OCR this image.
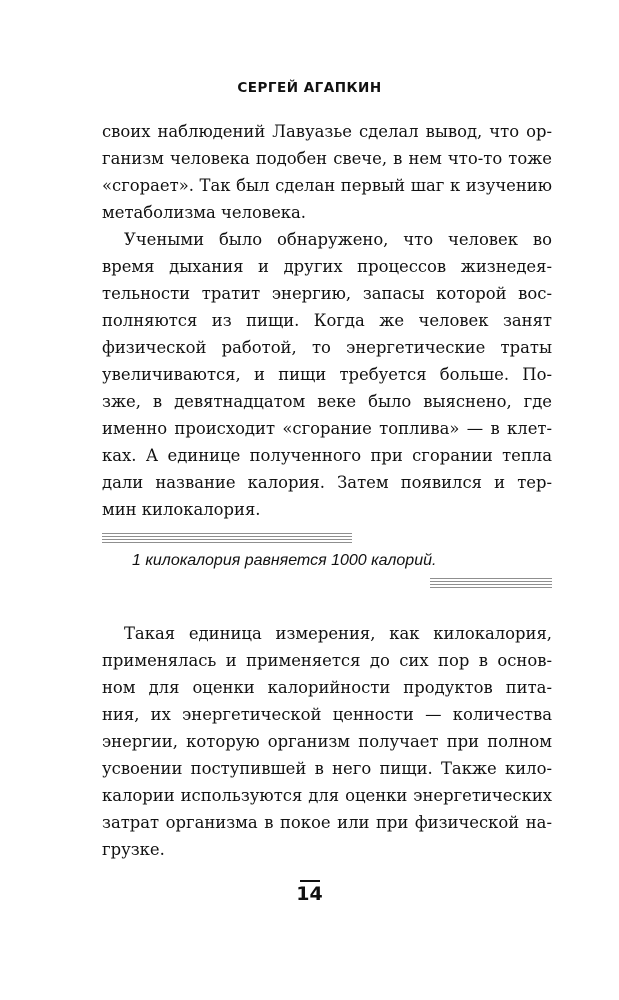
СЕРГЕЙ АГАПКИН
своих наблюдений Лавуазье сделал вывод, что ор-
ганизм человека подобен свече, в нем что-то тоже
«сгорает». Так был сделан первый шаг к изучению
метаболизма человека.
Учеными было обнаружено, что человек во
время дыхания и других процессов жизнедея-
тельности тратит энергию, запасы которой вос-
полняются из пищи. Когда же человек занят
физической работой, то энергетические траты
увеличиваются, и пищи требуется больше. По-
зже, в девятнадцатом веке было выяснено, где
именно происходит «сгорание топлива» — в клет-
ках. А единице полученного при сгорании тепла
дали название калория. Затем появился и тер-
мин килокалория.
1 килокалория равняется 1000 калорий.
Такая единица измерения, как килокалория,
применялась и применяется до сих пор в основ-
ном для оценки калорийности продуктов пита-
ния, их энергетической ценности — количества
энергии, которую организм получает при полном
усвоении поступившей в него пищи. Также кило-
калории используются для оценки энергетических
затрат организма в покое или при физической на-
грузке.
14
